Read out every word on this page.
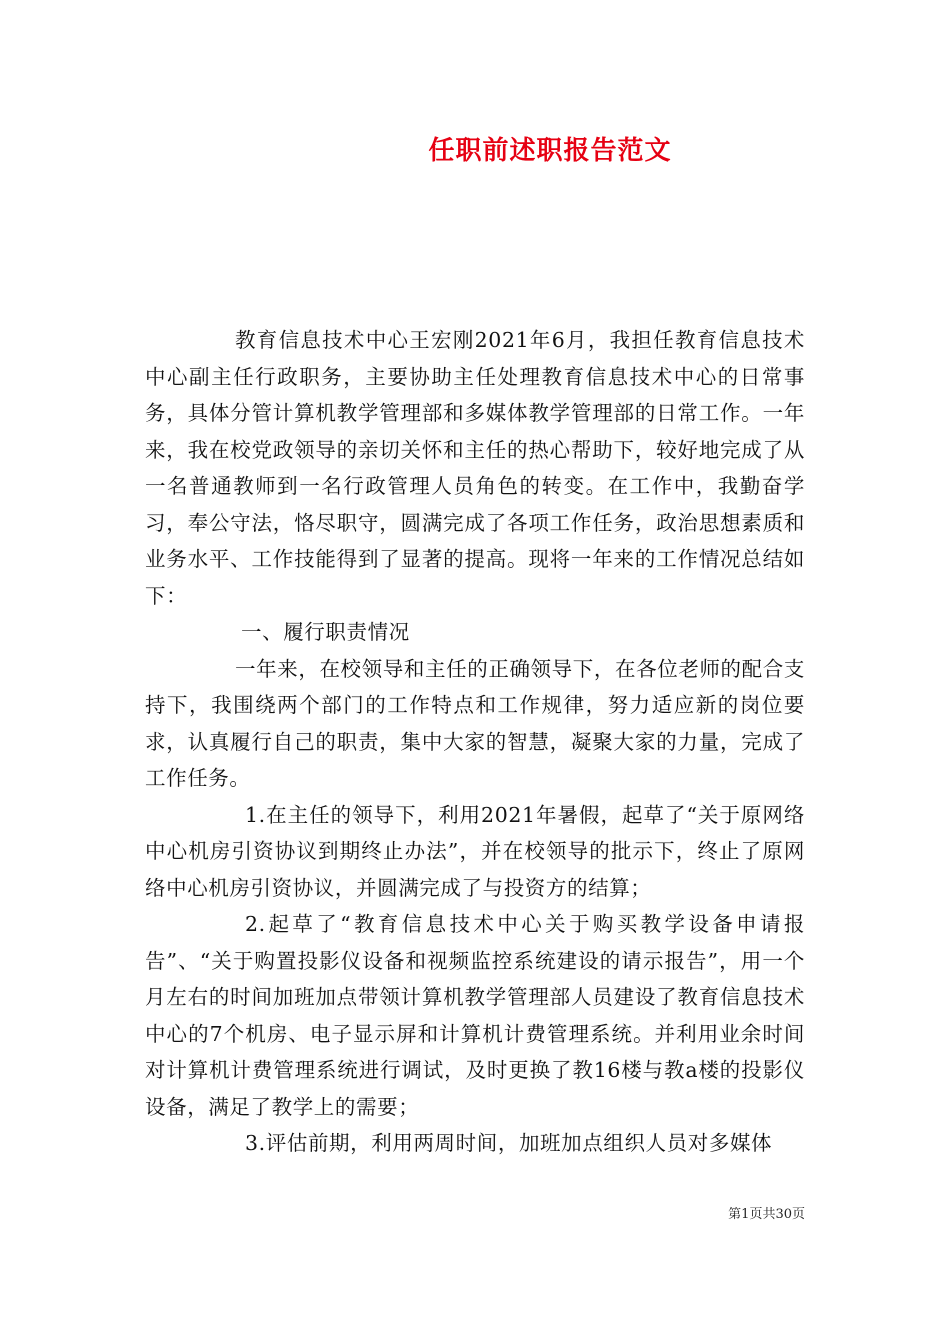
任职前述职报告范文

教育信息技术中心王宏刚2021年6月，我担任教育信息技术中心副主任行政职务，主要协助主任处理教育信息技术中心的日常事务，具体分管计算机教学管理部和多媒体教学管理部的日常工作。一年来，我在校党政领导的亲切关怀和主任的热心帮助下，较好地完成了从一名普通教师到一名行政管理人员角色的转变。在工作中，我勤奋学习，奉公守法，恪尽职守，圆满完成了各项工作任务，政治思想素质和业务水平、工作技能得到了显著的提高。现将一年来的工作情况总结如下：

一、履行职责情况

一年来，在校领导和主任的正确领导下，在各位老师的配合支持下，我围绕两个部门的工作特点和工作规律，努力适应新的岗位要求，认真履行自己的职责，集中大家的智慧，凝聚大家的力量，完成了工作任务。

1.在主任的领导下，利用2021年暑假，起草了“关于原网络中心机房引资协议到期终止办法”，并在校领导的批示下，终止了原网络中心机房引资协议，并圆满完成了与投资方的结算；

2.起草了“教育信息技术中心关于购买教学设备申请报告”、“关于购置投影仪设备和视频监控系统建设的请示报告”，用一个月左右的时间加班加点带领计算机教学管理部人员建设了教育信息技术中心的7个机房、电子显示屏和计算机计费管理系统。并利用业余时间对计算机计费管理系统进行调试，及时更换了教16楼与教a楼的投影仪设备，满足了教学上的需要；

3.评估前期，利用两周时间，加班加点组织人员对多媒体

第1页共30页
